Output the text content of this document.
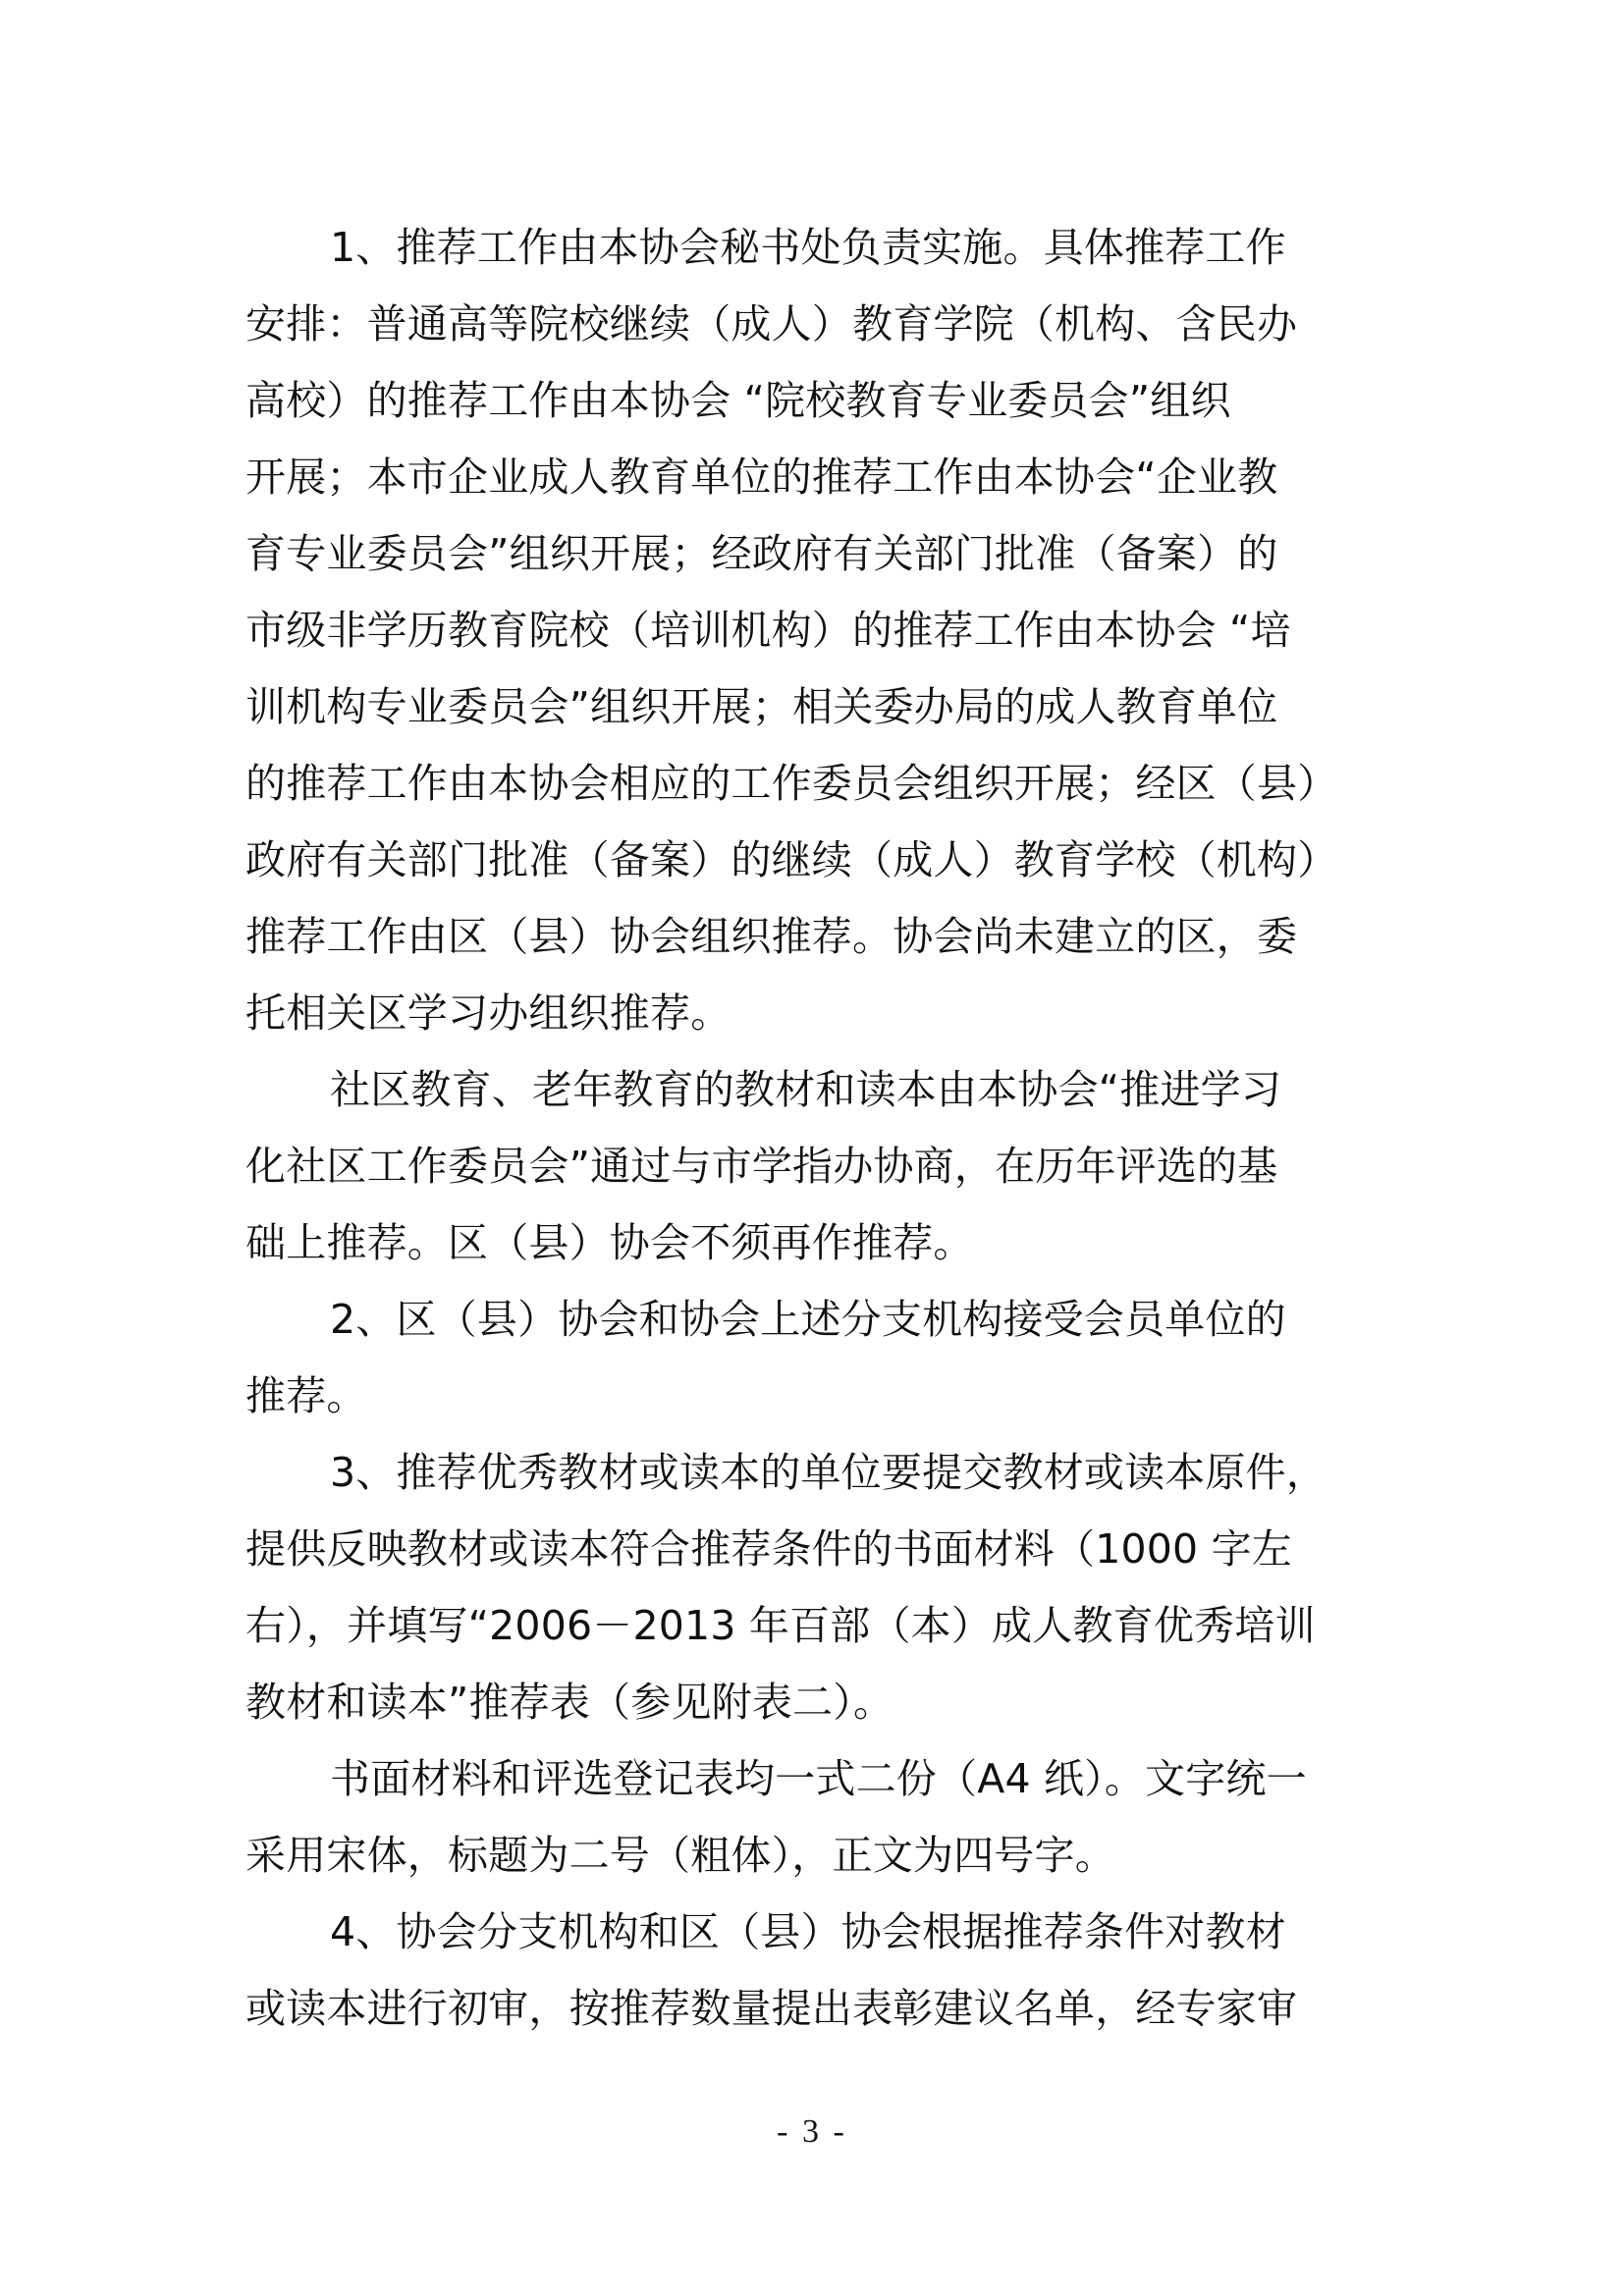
1、推荐工作由本协会秘书处负责实施。具体推荐工作
安排：普通高等院校继续（成人）教育学院（机构、含民办
高校）的推荐工作由本协会 “院校教育专业委员会”组织
开展；本市企业成人教育单位的推荐工作由本协会“企业教
育专业委员会”组织开展；经政府有关部门批准（备案）的
市级非学历教育院校（培训机构）的推荐工作由本协会 “培
训机构专业委员会”组织开展；相关委办局的成人教育单位
的推荐工作由本协会相应的工作委员会组织开展；经区（县）
政府有关部门批准（备案）的继续（成人）教育学校（机构）
推荐工作由区（县）协会组织推荐。协会尚未建立的区，委
托相关区学习办组织推荐。
社区教育、老年教育的教材和读本由本协会“推进学习
化社区工作委员会”通过与市学指办协商，在历年评选的基
础上推荐。区（县）协会不须再作推荐。
2、区（县）协会和协会上述分支机构接受会员单位的
推荐。
3、推荐优秀教材或读本的单位要提交教材或读本原件，
提供反映教材或读本符合推荐条件的书面材料（1000 字左
右），并填写“2006－2013 年百部（本）成人教育优秀培训
教材和读本”推荐表（参见附表二）。
书面材料和评选登记表均一式二份（A4 纸）。文字统一
采用宋体，标题为二号（粗体），正文为四号字。
4、协会分支机构和区（县）协会根据推荐条件对教材
或读本进行初审，按推荐数量提出表彰建议名单，经专家审
- 3 -
